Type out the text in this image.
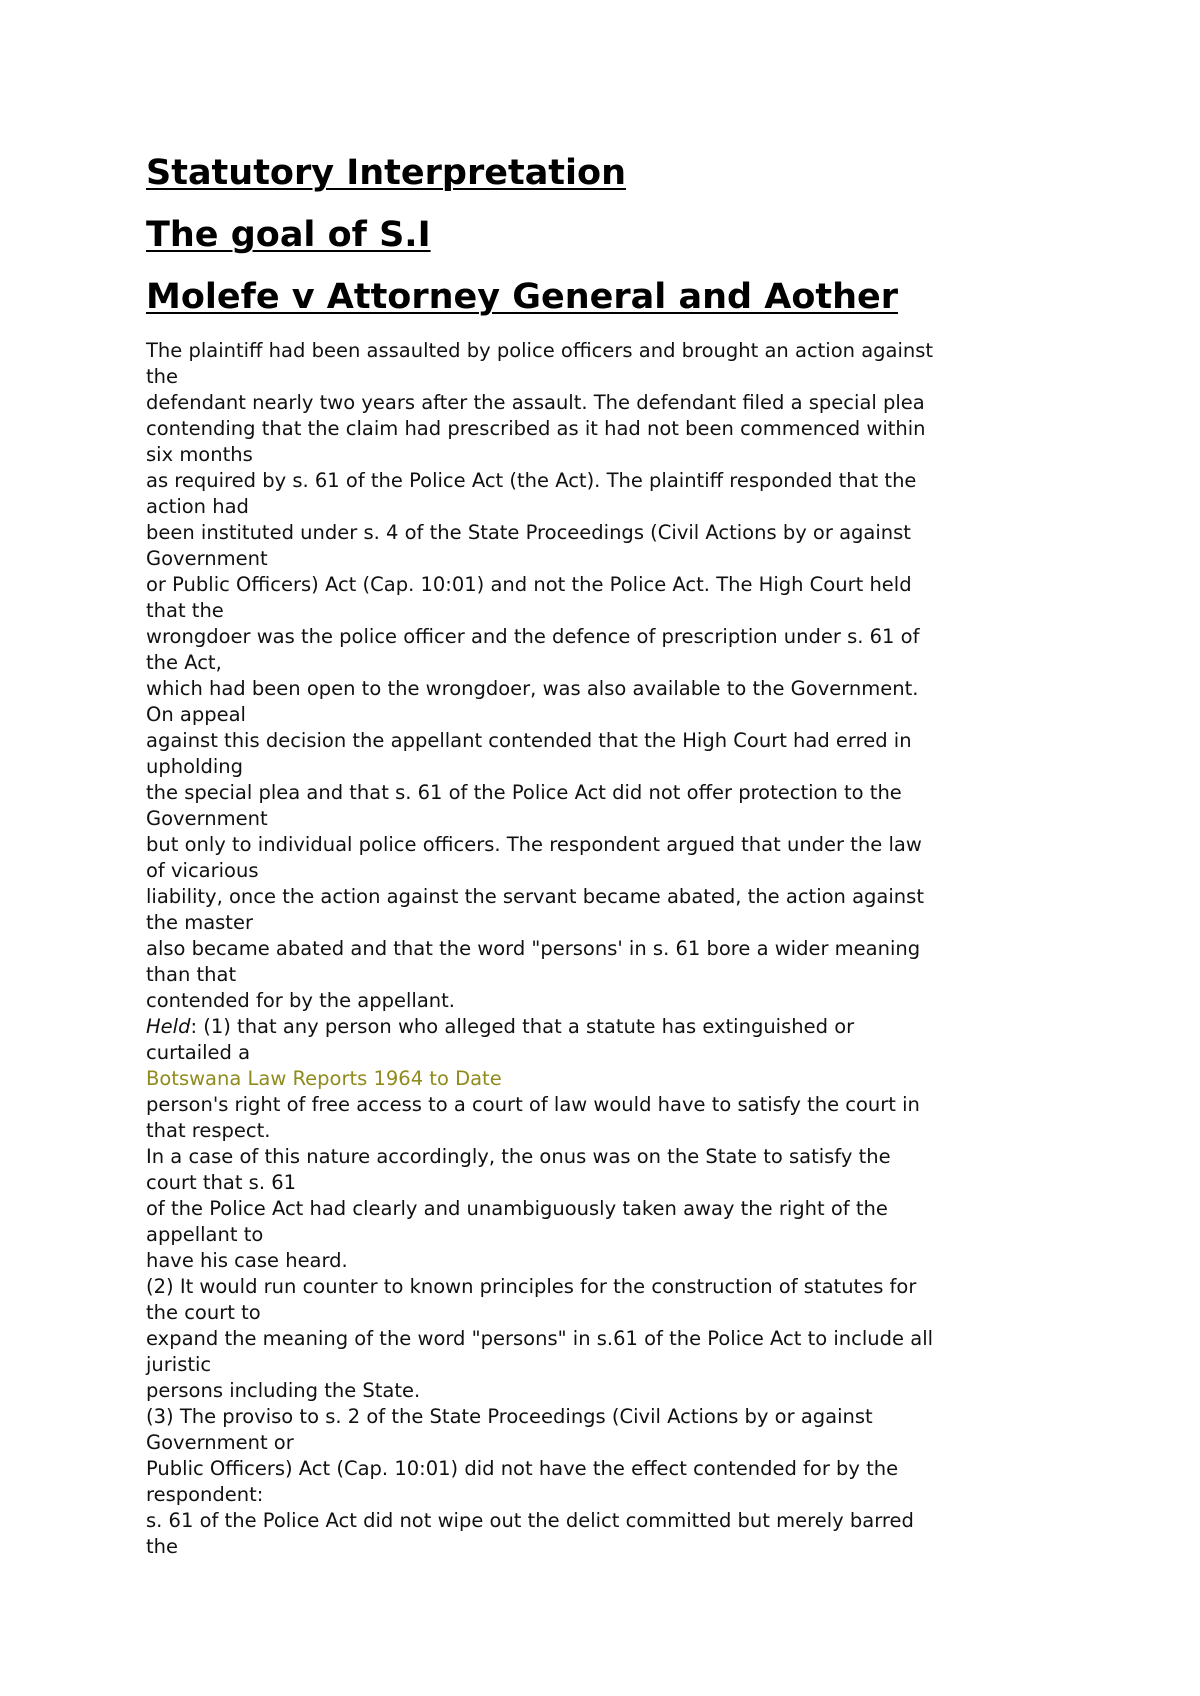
Statutory Interpretation
The goal of S.I
Molefe v Attorney General and Aother
The plaintiff had been assaulted by police officers and brought an action against
the
defendant nearly two years after the assault. The defendant filed a special plea
contending that the claim had prescribed as it had not been commenced within
six months
as required by s. 61 of the Police Act (the Act). The plaintiff responded that the
action had
been instituted under s. 4 of the State Proceedings (Civil Actions by or against
Government
or Public Officers) Act (Cap. 10:01) and not the Police Act. The High Court held
that the
wrongdoer was the police officer and the defence of prescription under s. 61 of
the Act,
which had been open to the wrongdoer, was also available to the Government.
On appeal
against this decision the appellant contended that the High Court had erred in
upholding
the special plea and that s. 61 of the Police Act did not offer protection to the
Government
but only to individual police officers. The respondent argued that under the law
of vicarious
liability, once the action against the servant became abated, the action against
the master
also became abated and that the word "persons' in s. 61 bore a wider meaning
than that
contended for by the appellant.
Held: (1) that any person who alleged that a statute has extinguished or
curtailed a
Botswana Law Reports 1964 to Date
person's right of free access to a court of law would have to satisfy the court in
that respect.
In a case of this nature accordingly, the onus was on the State to satisfy the
court that s. 61
of the Police Act had clearly and unambiguously taken away the right of the
appellant to
have his case heard.
(2) It would run counter to known principles for the construction of statutes for
the court to
expand the meaning of the word "persons" in s.61 of the Police Act to include all
juristic
persons including the State.
(3) The proviso to s. 2 of the State Proceedings (Civil Actions by or against
Government or
Public Officers) Act (Cap. 10:01) did not have the effect contended for by the
respondent:
s. 61 of the Police Act did not wipe out the delict committed but merely barred
the
